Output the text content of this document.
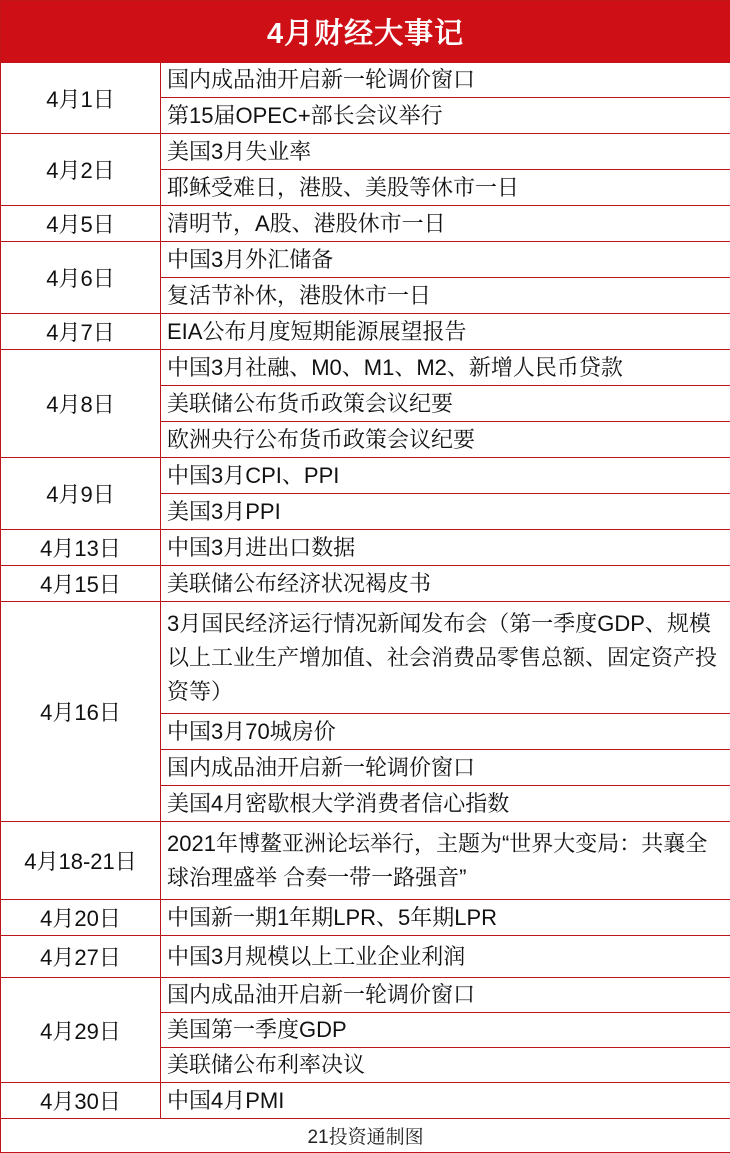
4月财经大事记	
4月1日	国内成品油开启新一轮调价窗口
	第15届OPEC+部长会议举行
4月2日	美国3月失业率
	耶稣受难日，港股、美股等休市一日
4月5日	清明节，A股、港股休市一日
4月6日	中国3月外汇储备
	复活节补休，港股休市一日
4月7日	EIA公布月度短期能源展望报告
4月8日	中国3月社融、M0、M1、M2、新增人民币贷款
	美联储公布货币政策会议纪要
	欧洲央行公布货币政策会议纪要
4月9日	中国3月CPI、PPI
	美国3月PPI
4月13日	中国3月进出口数据
4月15日	美联储公布经济状况褐皮书
4月16日	3月国民经济运行情况新闻发布会（第一季度GDP、规模以上工业生产增加值、社会消费品零售总额、固定资产投资等）
	中国3月70城房价
	国内成品油开启新一轮调价窗口
	美国4月密歇根大学消费者信心指数
4月18-21日	2021年博鳌亚洲论坛举行，主题为“世界大变局：共襄全球治理盛举 合奏一带一路强音”
4月20日	中国新一期1年期LPR、5年期LPR
4月27日	中国3月规模以上工业企业利润
4月29日	国内成品油开启新一轮调价窗口
	美国第一季度GDP
	美联储公布利率决议
4月30日	中国4月PMI
21投资通制图	
